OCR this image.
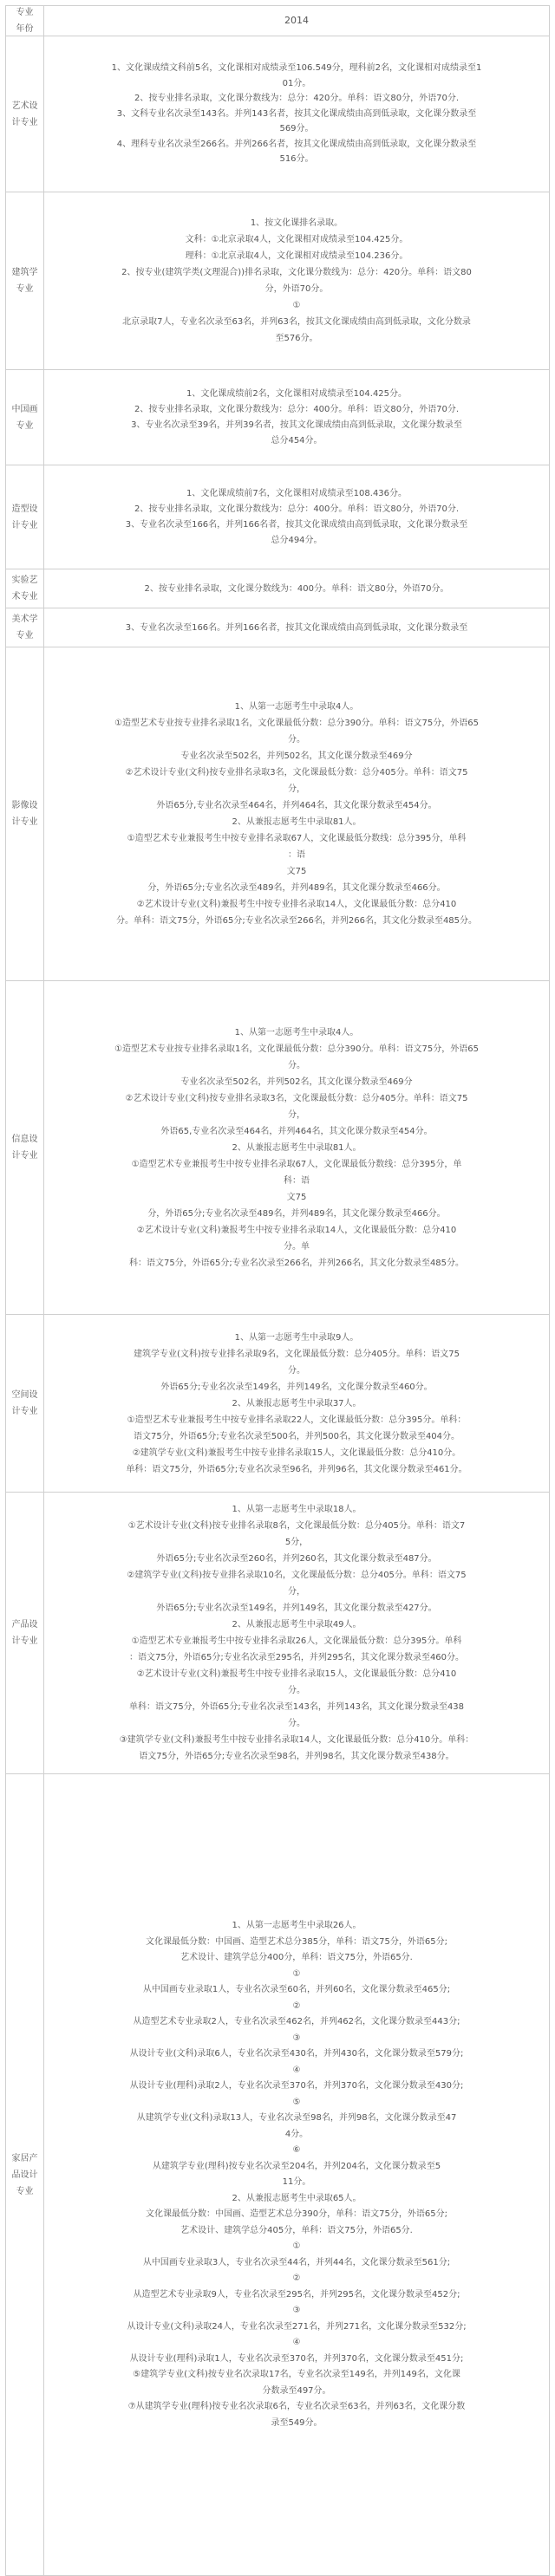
专业
年份
2014
艺术设计专业
1、文化课成绩文科前5名，文化课相对成绩录至106.549分，理科前2名，文化课相对成绩录至1
01分。
2、按专业排名录取，文化课分数线为：总分：420分。单科：语文80分，外语70分.
3、文科专业名次录至143名。并列143名者，按其文化课成绩由高到低录取，文化课分数录至
569分。
4、理科专业名次录至266名。并列266名者，按其文化课成绩由高到低录取，文化课分数录至
516分。
建筑学专业
1、按文化课排名录取。
文科：①北京录取4人，文化课相对成绩录至104.425分。
理科：①北京录取4人，文化课相对成绩录至104.236分。
2、按专业(建筑学类(文理混合))排名录取，文化课分数线为：总分：420分。单科：语文80
分，外语70分。
①
北京录取7人，专业名次录至63名，并列63名，按其文化课成绩由高到低录取，文化分数录
至576分。
中国画专业
1、文化课成绩前2名，文化课相对成绩录至104.425分。
2、按专业排名录取，文化课分数线为：总分：400分。单科：语文80分，外语70分.
3、专业名次录至39名，并列39名者，按其文化课成绩由高到低录取，文化课分数录至
总分454分。
造型设计专业
1、文化课成绩前7名，文化课相对成绩录至108.436分。
2、按专业排名录取，文化课分数线为：总分：400分。单科：语文80分，外语70分.
3、专业名次录至166名，并列166名者，按其文化课成绩由高到低录取，文化课分数录至
总分494分。
实验艺术专业
2、按专业排名录取，文化课分数线为：400分。单科：语文80分，外语70分。
美术学专业
3、专业名次录至166名。并列166名者，按其文化课成绩由高到低录取，文化课分数录至
影像设计专业
1、从第一志愿考生中录取4人。
①造型艺术专业按专业排名录取1名，文化课最低分数：总分390分。单科：语文75分，外语65
分。
专业名次录至502名，并列502名，其文化课分数录至469分
②艺术设计专业(文科)按专业排名录取3名，文化课最低分数：总分405分。单科：语文75
分，
外语65分,专业名次录至464名，并列464名，其文化课分数录至454分。
2、从兼报志愿考生中录取81人。
①造型艺术专业兼报考生中按专业排名录取67人，文化课最低分数线：总分395分，单科
：语
文75
分，外语65分;专业名次录至489名，并列489名，其文化课分数录至466分。
②艺术设计专业(文科)兼报考生中按专业排名录取14人，文化课最低分数：总分410
分。单科：语文75分，外语65分;专业名次录至266名，并列266名，其文化分数录至485分。
信息设计专业
1、从第一志愿考生中录取4人。
①造型艺术专业按专业排名录取1名，文化课最低分数：总分390分。单科：语文75分，外语65
分。
专业名次录至502名，并列502名，其文化课分数录至469分
②艺术设计专业(文科)按专业排名录取3名，文化课最低分数：总分405分。单科：语文75
分，
外语65,专业名次录至464名，并列464名，其文化课分数录至454分。
2、从兼报志愿考生中录取81人。
①造型艺术专业兼报考生中按专业排名录取67人，文化课最低分数线：总分395分，单
科：语
文75
分，外语65分;专业名次录至489名，并列489名，其文化课分数录至466分。
②艺术设计专业(文科)兼报考生中按专业排名录取14人，文化课最低分数：总分410
分。单
科：语文75分，外语65分;专业名次录至266名，并列266名，其文化分数录至485分。
空间设计专业
1、从第一志愿考生中录取9人。
建筑学专业(文科)按专业排名录取9名，文化课最低分数：总分405分。单科：语文75
分。
外语65分;专业名次录至149名，并列149名，文化课分数录至460分。
2、从兼报志愿考生中录取37人。
①造型艺术专业兼报考生中按专业排名录取22人，文化课最低分数：总分395分。单科：
语文75分，外语65分;专业名次录至500名，并列500名，其文化课分数录至404分。
②建筑学专业(文科)兼报考生中按专业排名录取15人，文化课最低分数：总分410分。
单科：语文75分，外语65分;专业名次录至96名，并列96名，其文化课分数录至461分。
产品设计专业
1、从第一志愿考生中录取18人。
①艺术设计专业(文科)按专业排名录取8名，文化课最低分数：总分405分。单科：语文7
5分，
外语65分;专业名次录至260名，并列260名，其文化课分数录至487分。
②建筑学专业(文科)按专业排名录取10名，文化课最低分数：总分405分。单科：语文75
分，
外语65分;专业名次录至149名，并列149名，其文化课分数录至427分。
2、从兼报志愿考生中录取49人。
①造型艺术专业兼报考生中按专业排名录取26人，文化课最低分数：总分395分。单科
：语文75分，外语65分;专业名次录至295名，并列295名，其文化课分数录至460分。
②艺术设计专业(文科)兼报考生中按专业排名录取15人，文化课最低分数：总分410
分。
单科：语文75分，外语65分;专业名次录至143名，并列143名，其文化课分数录至438
分。
③建筑学专业(文科)兼报考生中按专业排名录取14人，文化课最低分数：总分410分。单科：
语文75分，外语65分;专业名次录至98名，并列98名，其文化课分数录至438分。
家居产品设计专业
1、从第一志愿考生中录取26人。
文化课最低分数：中国画、造型艺术总分385分，单科：语文75分，外语65分;
艺术设计、建筑学总分400分，单科：语文75分，外语65分.
①
从中国画专业录取1人，专业名次录至60名，并列60名，文化课分数录至465分;
②
从造型艺术专业录取2人，专业名次录至462名，并列462名，文化课分数录至443分;
③
从设计专业(文科)录取6人，专业名次录至430名，并列430名，文化课分数录至579分;
④
从设计专业(理科)录取2人，专业名次录至370名，并列370名，文化课分数录至430分;
⑤
从建筑学专业(文科)录取13人，专业名次录至98名，并列98名，文化课分数录至47
4分。
⑥
从建筑学专业(理科)按专业名次录至204名，并列204名，文化课分数录至5
11分。
2、从兼报志愿考生中录取65人。
文化课最低分数：中国画、造型艺术总分390分，单科：语文75分，外语65分;
艺术设计、建筑学总分405分，单科：语文75分，外语65分.
①
从中国画专业录取3人，专业名次录至44名，并列44名，文化课分数录至561分;
②
从造型艺术专业录取9人，专业名次录至295名，并列295名，文化课分数录至452分;
③
从设计专业(文科)录取24人，专业名次录至271名，并列271名，文化课分数录至532分;
④
从设计专业(理科)录取1人，专业名次录至370名，并列370名，文化课分数录至451分;
⑤建筑学专业(文科)按专业名次录取17名，专业名次录至149名，并列149名，文化课
分数录至497分。
⑦从建筑学专业(理科)按专业名次录取6名，专业名次录至63名，并列63名，文化课分数
录至549分。
